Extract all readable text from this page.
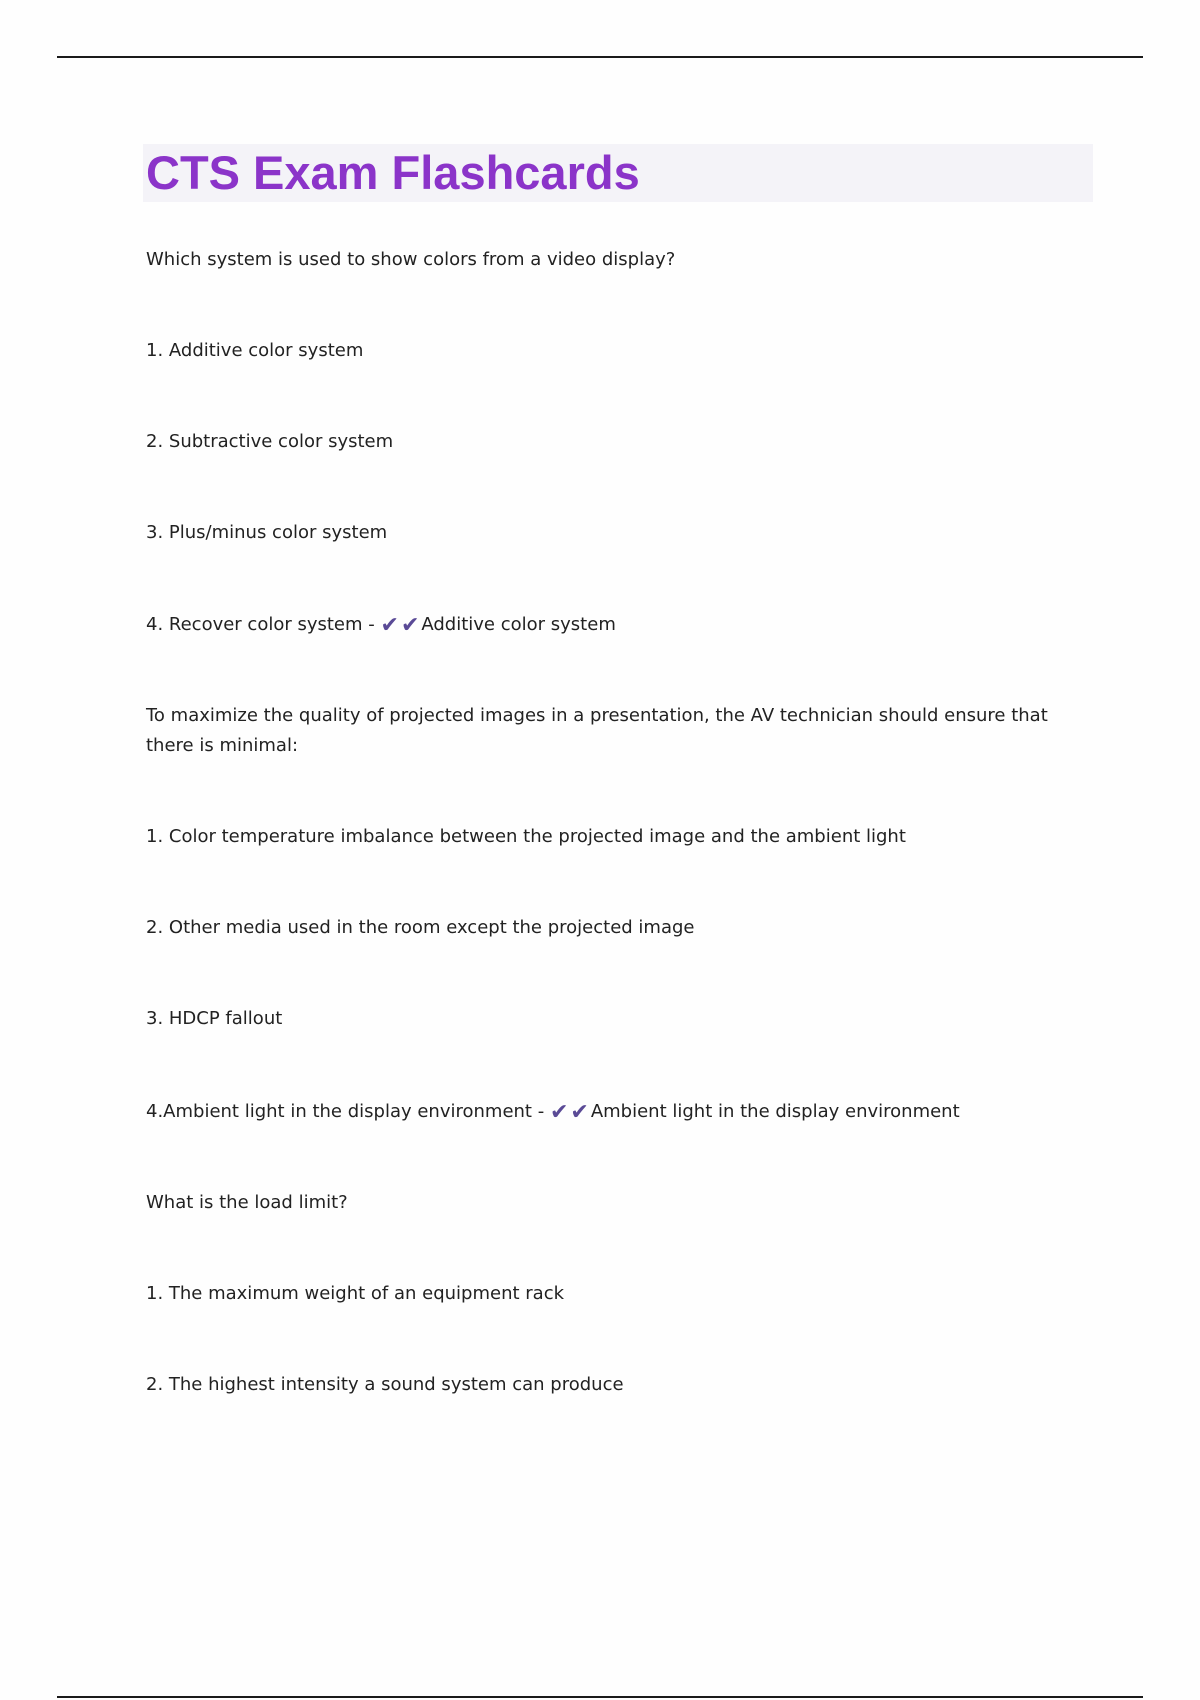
CTS Exam Flashcards
Which system is used to show colors from a video display?
1. Additive color system
2. Subtractive color system
3. Plus/minus color system
4. Recover color system - ✔✔ Additive color system
To maximize the quality of projected images in a presentation, the AV technician should ensure that there is minimal:
1. Color temperature imbalance between the projected image and the ambient light
2. Other media used in the room except the projected image
3. HDCP fallout
4.Ambient light in the display environment - ✔✔ Ambient light in the display environment
What is the load limit?
1. The maximum weight of an equipment rack
2. The highest intensity a sound system can produce
